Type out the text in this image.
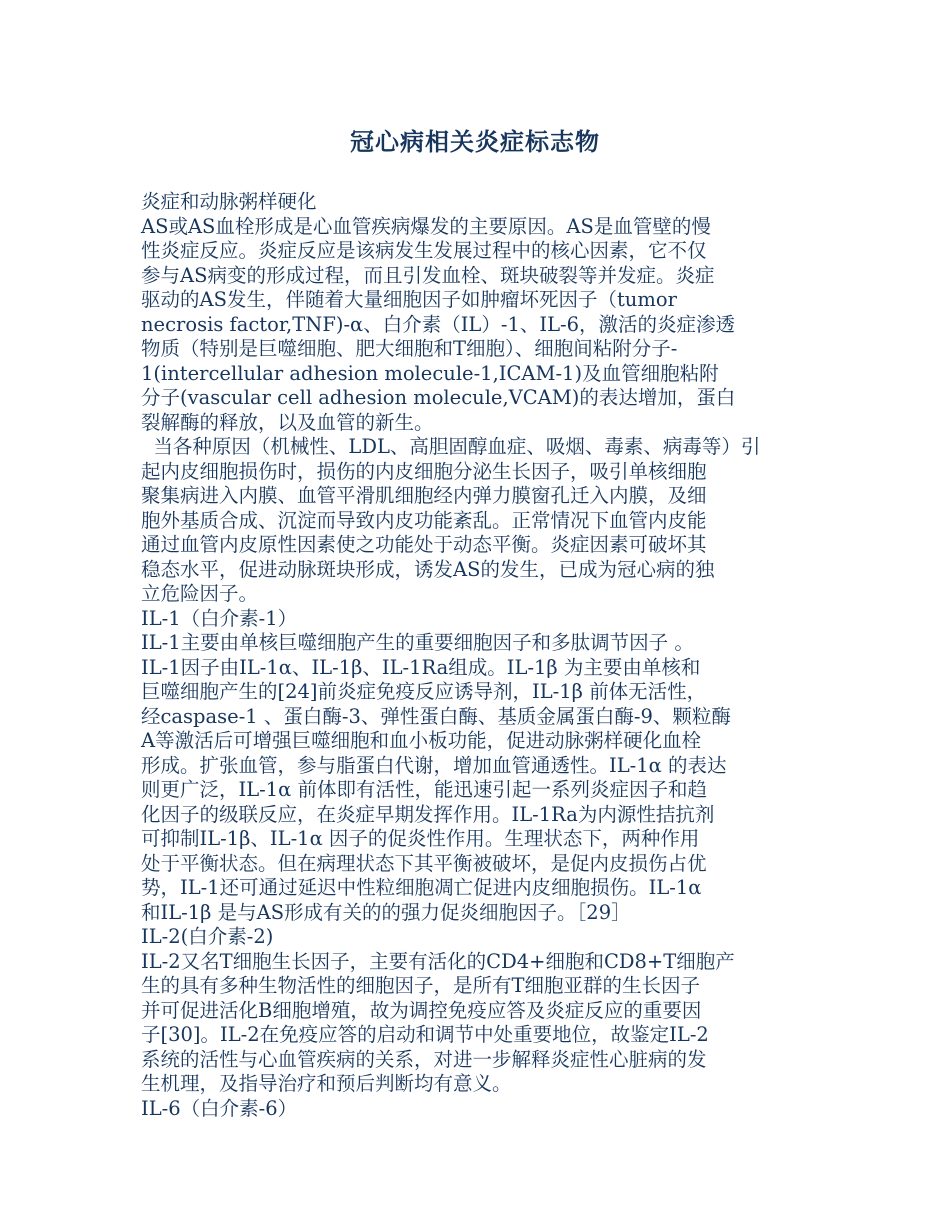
冠心病相关炎症标志物
炎症和动脉粥样硬化
AS或AS血栓形成是心血管疾病爆发的主要原因。AS是血管壁的慢
性炎症反应。炎症反应是该病发生发展过程中的核心因素，它不仅
参与AS病变的形成过程，而且引发血栓、斑块破裂等并发症。炎症
驱动的AS发生，伴随着大量细胞因子如肿瘤坏死因子（tumor
necrosis factor,TNF)-α、白介素（IL）-1、IL-6，激活的炎症渗透
物质（特别是巨噬细胞、肥大细胞和T细胞）、细胞间粘附分子-
1(intercellular adhesion molecule-1,ICAM-1)及血管细胞粘附
分子(vascular cell adhesion molecule,VCAM)的表达增加，蛋白
裂解酶的释放，以及血管的新生。
当各种原因（机械性、LDL、高胆固醇血症、吸烟、毒素、病毒等）引
起内皮细胞损伤时，损伤的内皮细胞分泌生长因子，吸引单核细胞
聚集病进入内膜、血管平滑肌细胞经内弹力膜窗孔迁入内膜，及细
胞外基质合成、沉淀而导致内皮功能紊乱。正常情况下血管内皮能
通过血管内皮原性因素使之功能处于动态平衡。炎症因素可破坏其
稳态水平，促进动脉斑块形成，诱发AS的发生，已成为冠心病的独
立危险因子。
IL-1（白介素-1）
IL-1主要由单核巨噬细胞产生的重要细胞因子和多肽调节因子 。
IL-1因子由IL-1α、IL-1β、IL-1Ra组成。IL-1β 为主要由单核和
巨噬细胞产生的[24]前炎症免疫反应诱导剂，IL-1β 前体无活性，
经caspase-1 、蛋白酶-3、弹性蛋白酶、基质金属蛋白酶-9、颗粒酶
A等激活后可增强巨噬细胞和血小板功能，促进动脉粥样硬化血栓
形成。扩张血管，参与脂蛋白代谢，增加血管通透性。IL-1α 的表达
则更广泛，IL-1α 前体即有活性，能迅速引起一系列炎症因子和趋
化因子的级联反应，在炎症早期发挥作用。IL-1Ra为内源性拮抗剂
可抑制IL-1β、IL-1α 因子的促炎性作用。生理状态下，两种作用
处于平衡状态。但在病理状态下其平衡被破坏，是促内皮损伤占优
势，IL-1还可通过延迟中性粒细胞凋亡促进内皮细胞损伤。IL-1α
和IL-1β 是与AS形成有关的的强力促炎细胞因子。［29］
IL-2(白介素-2)
IL-2又名T细胞生长因子，主要有活化的CD4+细胞和CD8+T细胞产
生的具有多种生物活性的细胞因子，是所有T细胞亚群的生长因子
并可促进活化B细胞增殖，故为调控免疫应答及炎症反应的重要因
子[30]。IL-2在免疫应答的启动和调节中处重要地位，故鉴定IL-2
系统的活性与心血管疾病的关系，对进一步解释炎症性心脏病的发
生机理，及指导治疗和预后判断均有意义。
IL-6（白介素-6）
